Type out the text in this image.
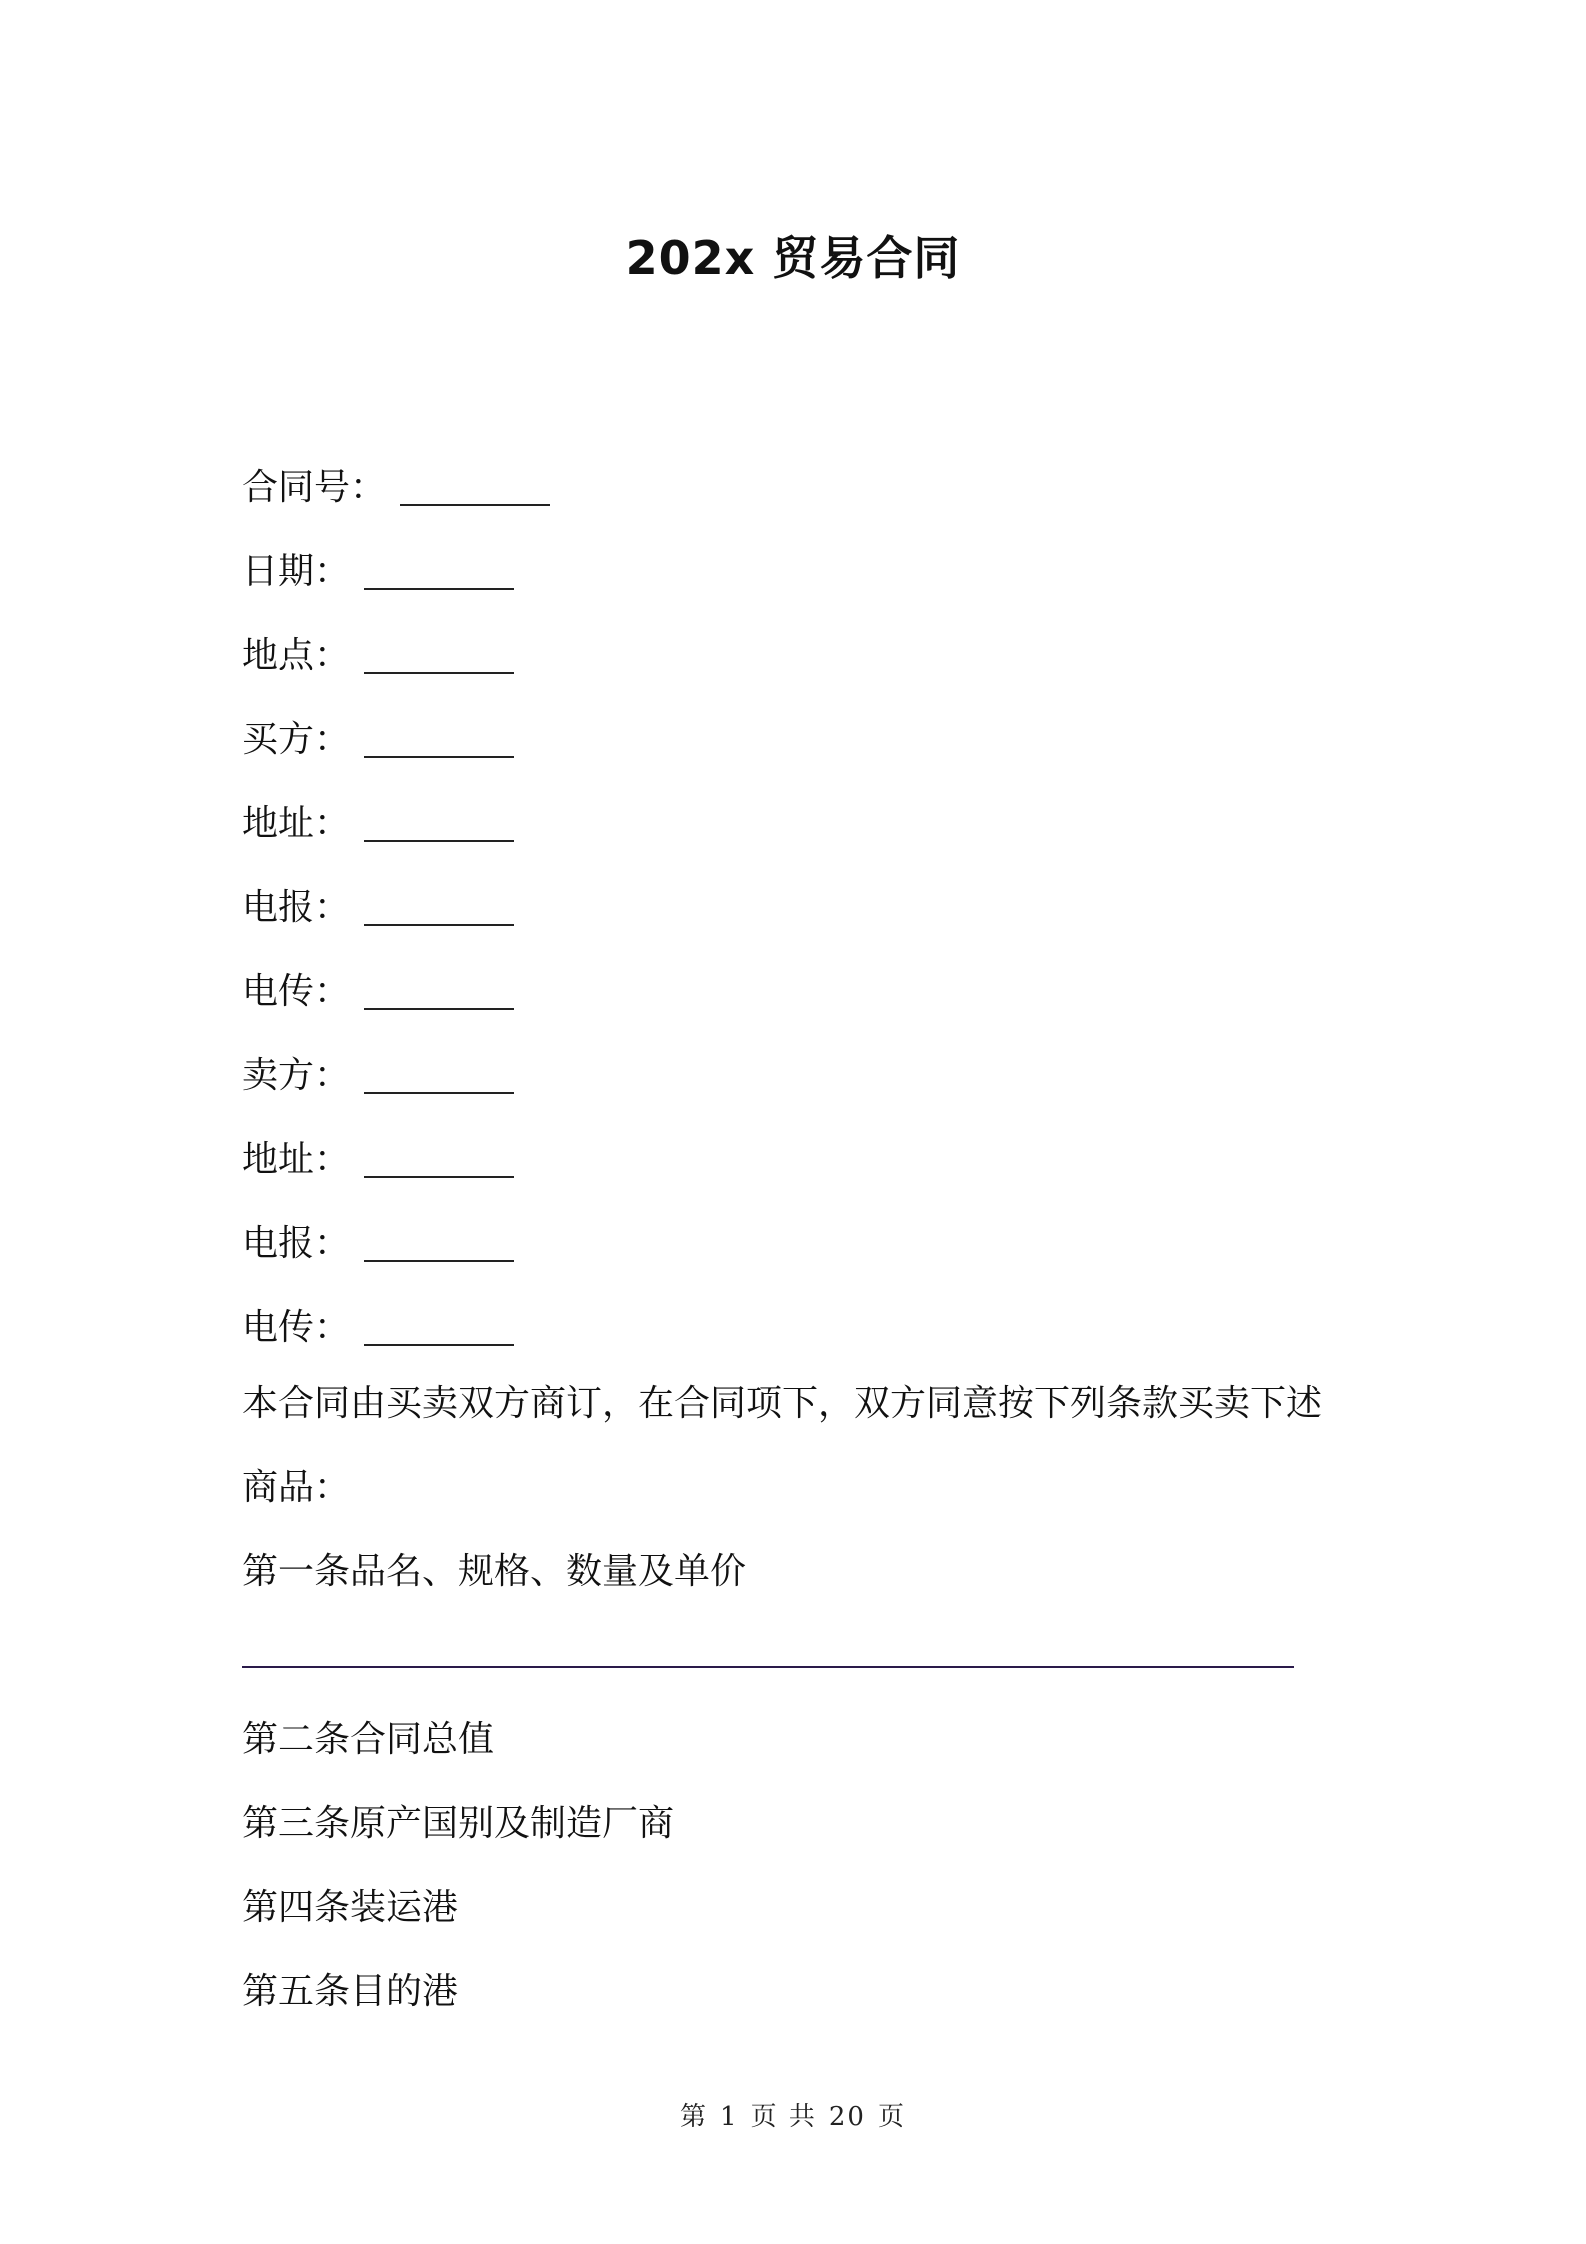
202x 贸易合同
合同号：
日期：
地点：
买方：
地址：
电报：
电传：
卖方：
地址：
电报：
电传：
本合同由买卖双方商订，在合同项下，双方同意按下列条款买卖下述
商品：
第一条品名、规格、数量及单价
第二条合同总值
第三条原产国别及制造厂商
第四条装运港
第五条目的港
第 1 页 共 20 页
